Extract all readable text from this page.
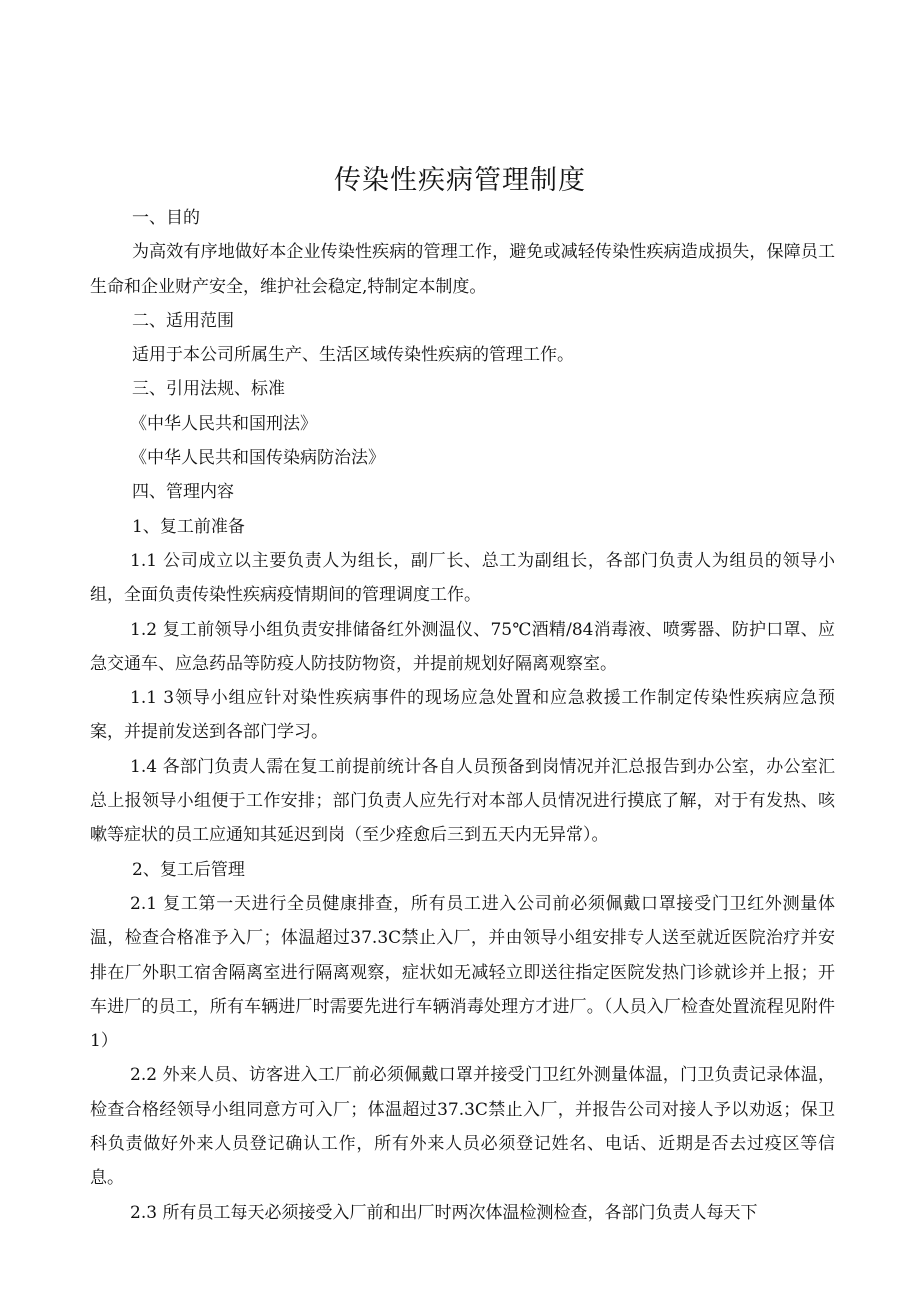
传染性疾病管理制度

一、目的

为高效有序地做好本企业传染性疾病的管理工作，避免或减轻传染性疾病造成损失，保障员工生命和企业财产安全，维护社会稳定,特制定本制度。

二、适用范围

适用于本公司所属生产、生活区域传染性疾病的管理工作。

三、引用法规、标准

《中华人民共和国刑法》

《中华人民共和国传染病防治法》

四、管理内容

1、复工前准备

1.1 公司成立以主要负责人为组长，副厂长、总工为副组长，各部门负责人为组员的领导小组，全面负责传染性疾病疫情期间的管理调度工作。

1.2 复工前领导小组负责安排储备红外测温仪、75℃酒精/84消毒液、喷雾器、防护口罩、应急交通车、应急药品等防疫人防技防物资，并提前规划好隔离观察室。

1.1 3领导小组应针对染性疾病事件的现场应急处置和应急救援工作制定传染性疾病应急预案，并提前发送到各部门学习。

1.4 各部门负责人需在复工前提前统计各自人员预备到岗情况并汇总报告到办公室，办公室汇总上报领导小组便于工作安排；部门负责人应先行对本部人员情况进行摸底了解，对于有发热、咳嗽等症状的员工应通知其延迟到岗（至少痊愈后三到五天内无异常）。

2、复工后管理

2.1 复工第一天进行全员健康排查，所有员工进入公司前必须佩戴口罩接受门卫红外测量体温，检查合格准予入厂；体温超过37.3C禁止入厂，并由领导小组安排专人送至就近医院治疗并安排在厂外职工宿舍隔离室进行隔离观察，症状如无减轻立即送往指定医院发热门诊就诊并上报；开车进厂的员工，所有车辆进厂时需要先进行车辆消毒处理方才进厂。（人员入厂检查处置流程见附件1）

2.2 外来人员、访客进入工厂前必须佩戴口罩并接受门卫红外测量体温，门卫负责记录体温，检查合格经领导小组同意方可入厂；体温超过37.3C禁止入厂，并报告公司对接人予以劝返；保卫科负责做好外来人员登记确认工作，所有外来人员必须登记姓名、电话、近期是否去过疫区等信息。

2.3 所有员工每天必须接受入厂前和出厂时两次体温检测检查，各部门负责人每天下
